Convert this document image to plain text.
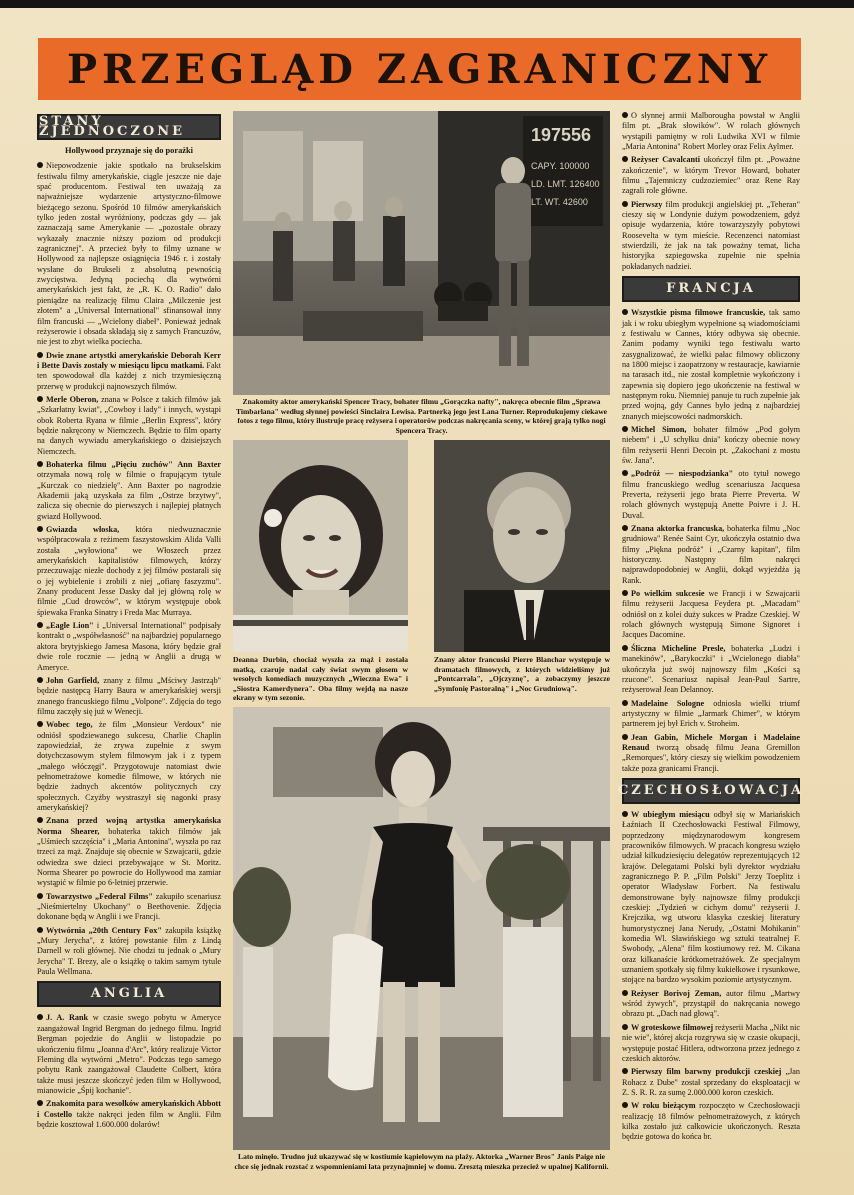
PRZEGLĄD ZAGRANICZNY
STANY ZJEDNOCZONE
Hollywood przyznaje się do porażki

Niepowodzenie jakie spotkało na brukselskim festiwalu filmy amerykańskie, ciągle jeszcze nie daje spać producentom. Festiwal ten uważają za najważniejsze wydarzenie artystyczno-filmowe bieżącego sezonu. Spośród 10 filmów amerykańskich tylko jeden został wyróżniony, podczas gdy — jak zaznaczają same Amerykanie — „pozostałe obrazy wykazały znacznie niższy poziom od produkcji zagranicznej". A przecież były to filmy uznane w Hollywood za najlepsze osiągnięcia 1946 r. i zostały wysłane do Brukseli z absolutną pewnością zwycięstwa. Jedyną pociechą dla wytwórni amerykańskich jest fakt, że „R. K. O. Radio" dało pieniądze na realizację filmu Claira „Milczenie jest złotem" a „Universal International" sfinansował inny film francuski — „Wcielony diabeł". Ponieważ jednak reżyserowie i obsada składają się z samych Francuzów, nie jest to zbyt wielka pociecha.

Dwie znane artystki amerykańskie Deborah Kerr i Bette Davis zostały w miesiącu lipcu matkami. Fakt ten spowodował dla każdej z nich trzymiesięczną przerwę w produkcji najnowszych filmów.

Merle Oberon, znana w Polsce z takich filmów jak „Szkarłatny kwiat", „Cowboy i lady" i innych, wystąpi obok Roberta Ryana w filmie „Berlin Express", który będzie nakręcony w Niemczech. Będzie to film oparty na danych wywiadu amerykańskiego o dzisiejszych Niemczech.

Bohaterka filmu „Pięciu zuchów" Ann Baxter otrzymała nową rolę w filmie o frapującym tytule „Kurczak co niedzielę". Ann Baxter po nagrodzie Akademii jaką uzyskała za film „Ostrze brzytwy", zalicza się obecnie do pierwszych i najlepiej płatnych gwiazd Hollywood.

Gwiazda włoska, która niedwuznacznie współpracowała z reżimem faszystowskim Alida Valli została „wyłowiona" we Włoszech przez amerykańskich kapitalistów filmowych, którzy przeczuwając niezłe dochody z jej filmów postarali się o jej wybielenie i zrobili z niej „ofiarę faszyzmu". Znany producent Jesse Dasky dał jej główną rolę w filmie „Cud drowców", w którym występuje obok śpiewaka Franka Sinatry i Freda Mac Murraya.

„Eagle Lion" i „Universal International" podpisały kontrakt o „współwłasność" na najbardziej popularnego aktora brytyjskiego Jamesa Masona, który będzie grał dwie role rocznie — jedną w Anglii a drugą w Ameryce.

John Garfield, znany z filmu „Mściwy Jastrząb" będzie następcą Harry Baura w amerykańskiej wersji znanego francuskiego filmu „Volpone". Zdjęcia do tego filmu zaczęły się już w Wenecji.

Wobec tego, że film „Monsieur Verdoux" nie odniósł spodziewanego sukcesu, Charlie Chaplin zapowiedział, że zrywa zupełnie z swym dotychczasowym stylem filmowym jak i z typem „małego włóczęgi". Przygotowuje natomiast dwie pełnometrażowe komedie filmowe, w których nie będzie żadnych akcentów politycznych czy społecznych. Czyżby wystraszył się nagonki prasy amerykańskiej?

Znana przed wojną artystka amerykańska Norma Shearer, bohaterka takich filmów jak „Uśmiech szczęścia" i „Maria Antonina", wyszła po raz trzeci za mąż. Znajduje się obecnie w Szwajcarii, gdzie odwiedza swe dzieci przebywające w St. Moritz. Norma Shearer po powrocie do Hollywood ma zamiar wystąpić w filmie po 6-letniej przerwie.

Towarzystwo „Federal Films" zakupiło scenariusz „Nieśmiertelny Ukochany" o Beethovenie. Zdjęcia dokonane będą w Anglii i we Francji.

Wytwórnia „20th Century Fox" zakupiła książkę „Mury Jerycha", z której powstanie film z Lindą Darnell w roli głównej. Nie chodzi tu jednak o „Mury Jerycha" T. Brezy, ale o książkę o takim samym tytule Paula Wellmana.

ANGLIA

J. A. Rank w czasie swego pobytu w Ameryce zaangażował Ingrid Bergman do jednego filmu. Ingrid Bergman pojedzie do Anglii w listopadzie po ukończeniu filmu „Joanna d'Arc", który realizuje Victor Fleming dla wytwórni „Metro". Podczas tego samego pobytu Rank zaangażował Claudette Colbert, która także musi jeszcze skończyć jeden film w Hollywood, mianowicie „Śpij kochanie".

Znakomita para wesołków amerykańskich Abbott i Costello także nakręci jeden film w Anglii. Film będzie kosztował 1.600.000 dolarów!

197556
CAPY. 100000
LD. LMT. 126400
LT. WT. 42600
Znakomity aktor amerykański Spencer Tracy, bohater filmu „Gorączka nafty", nakręca obecnie film „Sprawa Timbarlana" według słynnej powieści Sinclaira Lewisa. Partnerką jego jest Lana Turner. Reprodukujemy ciekawe fotos z tego filmu, który ilustruje pracę reżysera i operatorów podczas nakręcania sceny, w której grają tylko nogi Spencera Tracy.
Deanna Durbin, chociaż wyszła za mąż i została matką, czaruje nadal cały świat swym głosem w wesołych komediach muzycznych „Wieczna Ewa" i „Siostra Kamerdynera". Oba filmy wejdą na nasze ekrany w tym sezonie.
Znany aktor francuski Pierre Blanchar występuje w dramatach filmowych, z których widzieliśmy już „Pontcarrala", „Ojczyznę", a zobaczymy jeszcze „Symfonię Pastoralną" i „Noc Grudniową".
Lato minęło. Trudno już ukazywać się w kostiumie kąpielowym na plaży. Aktorka „Warner Bros" Janis Paige nie chce się jednak rozstać z wspomnieniami lata przynajmniej w domu. Zresztą mieszka przecież w upalnej Kalifornii.

O słynnej armii Malborougha powstał w Anglii film pt. „Brak słowików". W rolach głównych wystąpili pamiętny w roli Ludwika XVI w filmie „Maria Antonina" Robert Morley oraz Felix Aylmer.

Reżyser Cavalcanti ukończył film pt. „Poważne zakończenie", w którym Trevor Howard, bohater filmu „Tajemniczy cudzoziemiec" oraz Rene Ray zagrali role główne.

Pierwszy film produkcji angielskiej pt. „Teheran" cieszy się w Londynie dużym powodzeniem, gdyż opisuje wydarzenia, które towarzyszyły pobytowi Roosevelta w tym mieście. Recenzenci natomiast stwierdzili, że jak na tak poważny temat, licha historyjka szpiegowska zupełnie nie spełnia pokładanych nadziei.

FRANCJA

Wszystkie pisma filmowe francuskie, tak samo jak i w roku ubiegłym wypełnione są wiadomościami z festiwalu w Cannes, który odbywa się obecnie. Zanim podamy wyniki tego festiwalu warto zasygnalizować, że wielki pałac filmowy obliczony na 1800 miejsc i zaopatrzony w restauracje, kawiarnie na tarasach itd., nie został kompletnie wykończony i zapewnia się dopiero jego ukończenie na festiwal w następnym roku. Niemniej panuje tu ruch zupełnie jak przed wojną, gdy Cannes było jedną z najbardziej znanych miejscowości nadmorskich.

Michel Simon, bohater filmów „Pod gołym niebem" i „U schyłku dnia" kończy obecnie nowy film reżyserii Henri Decoin pt. „Zakochani z mostu św. Jana".

„Podróż — niespodzianka" oto tytuł nowego filmu francuskiego według scenariusza Jacquesa Preverta, reżyserii jego brata Pierre Preverta. W rolach głównych występują Anette Poivre i J. H. Duval.

Znana aktorka francuska, bohaterka filmu „Noc grudniowa" Renée Saint Cyr, ukończyła ostatnio dwa filmy „Piękna podróż" i „Czarny kapitan", film historyczny. Następny film nakręci najprawdopodobniej w Anglii, dokąd wyjeżdża ją Rank.

Po wielkim sukcesie we Francji i w Szwajcarii filmu reżyserii Jacquesa Feydera pt. „Macadam" odniósł on z kolei duży sukces w Pradze Czeskiej. W rolach głównych występują Simone Signoret i Jacques Dacomine.

Śliczna Micheline Presle, bohaterka „Ludzi i manekinów", „Barykoczki" i „Wcielonego diabła" ukończyła już swój najnowszy film „Kości są rzucone". Scenariusz napisał Jean-Paul Sartre, reżyserował Jean Delannoy.

Madelaine Sologne odniosła wielki triumf artystyczny w filmie „Jarmark Chimer", w którym partnerem jej był Erich v. Stroheim.

Jean Gabin, Michele Morgan i Madelaine Renaud tworzą obsadę filmu Jeana Gremillon „Remorques", który cieszy się wielkim powodzeniem także poza granicami Francji.

CZECHOSŁOWACJA

W ubiegłym miesiącu odbył się w Mariańskich Łaźniach II Czechosłowacki Festiwal Filmowy, poprzedzony międzynarodowym kongresem pracowników filmowych. W pracach kongresu wzięło udział kilkudziesięciu delegatów reprezentujących 12 krajów. Delegatami Polski byli dyrektor wydziału zagranicznego P. P. „Film Polski" Jerzy Toeplitz i operator Władysław Forbert. Na festiwalu demonstrowane były najnowsze filmy produkcji czeskiej: „Tydzień w cichym domu" reżyserii J. Krejczika, wg utworu klasyka czeskiej literatury humorystycznej Jana Nerudy, „Ostatni Mohikanin" komedia Wl. Sławińskiego wg sztuki teatralnej F. Swobody, „Alena" film kostiumowy reż. M. Cikana oraz kilkanaście krótkometrażówek. Ze specjalnym uznaniem spotkały się filmy kukiełkowe i rysunkowe, stojące na bardzo wysokim poziomie artystycznym.

Reżyser Borivoj Zeman, autor filmu „Martwy wśród żywych", przystąpił do nakręcania nowego obrazu pt. „Dach nad głową".

W groteskowe filmowej reżyserii Macha „Nikt nic nie wie", której akcja rozgrywa się w czasie okupacji, występuje postać Hitlera, odtworzona przez jednego z czeskich aktorów.

Pierwszy film barwny produkcji czeskiej „Jan Rohacz z Dube" został sprzedany do eksploatacji w Z. S. R. R. za sumę 2.000.000 koron czeskich.

W roku bieżącym rozpoczęto w Czechosłowacji realizację 18 filmów pełnometrażowych, z których kilka zostało już całkowicie ukończonych. Reszta będzie gotowa do końca br.
